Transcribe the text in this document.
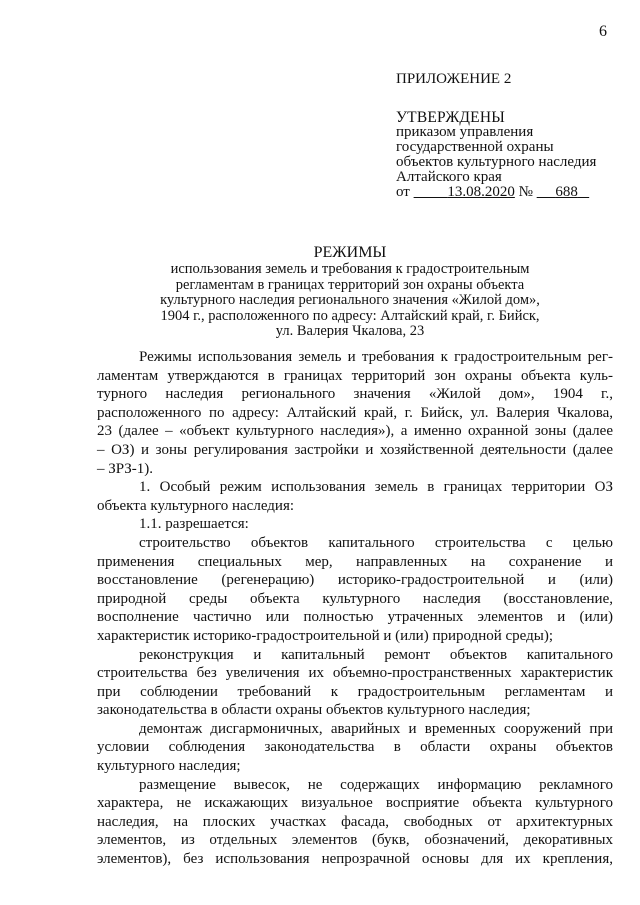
6
ПРИЛОЖЕНИЕ 2
УТВЕРЖДЕНЫ
приказом управления
государственной охраны
объектов культурного наследия
Алтайского края
от	13.08.2020 № 688
РЕЖИМЫ
использования земель и требования к градостроительным
регламентам в границах территорий зон охраны объекта
культурного наследия регионального значения «Жилой дом»,
1904 г., расположенного по адресу: Алтайский край, г. Бийск,
ул. Валерия Чкалова, 23
Режимы использования земель и требования к градостроительным рег-
ламентам утверждаются в границах территорий зон охраны объекта куль-
турного наследия регионального значения «Жилой дом», 1904 г.,
расположенного по адресу: Алтайский край, г. Бийск, ул. Валерия Чкалова,
23 (далее – «объект культурного наследия»), а именно охранной зоны (далее
– ОЗ) и зоны регулирования застройки и хозяйственной деятельности (далее
– ЗРЗ-1).
1. Особый режим использования земель в границах территории ОЗ
объекта культурного наследия:
1.1. разрешается:
строительство объектов капитального строительства с целью
применения специальных мер, направленных на сохранение и
восстановление (регенерацию) историко-градостроительной и (или)
природной среды объекта культурного наследия (восстановление,
восполнение частично или полностью утраченных элементов и (или)
характеристик историко-градостроительной и (или) природной среды);
реконструкция и капитальный ремонт объектов капитального
строительства без увеличения их объемно-пространственных характеристик
при соблюдении требований к градостроительным регламентам и
законодательства в области охраны объектов культурного наследия;
демонтаж дисгармоничных, аварийных и временных сооружений при
условии соблюдения законодательства в области охраны объектов
культурного наследия;
размещение вывесок, не содержащих информацию рекламного
характера, не искажающих визуальное восприятие объекта культурного
наследия, на плоских участках фасада, свободных от архитектурных
элементов, из отдельных элементов (букв, обозначений, декоративных
элементов), без использования непрозрачной основы для их крепления,
